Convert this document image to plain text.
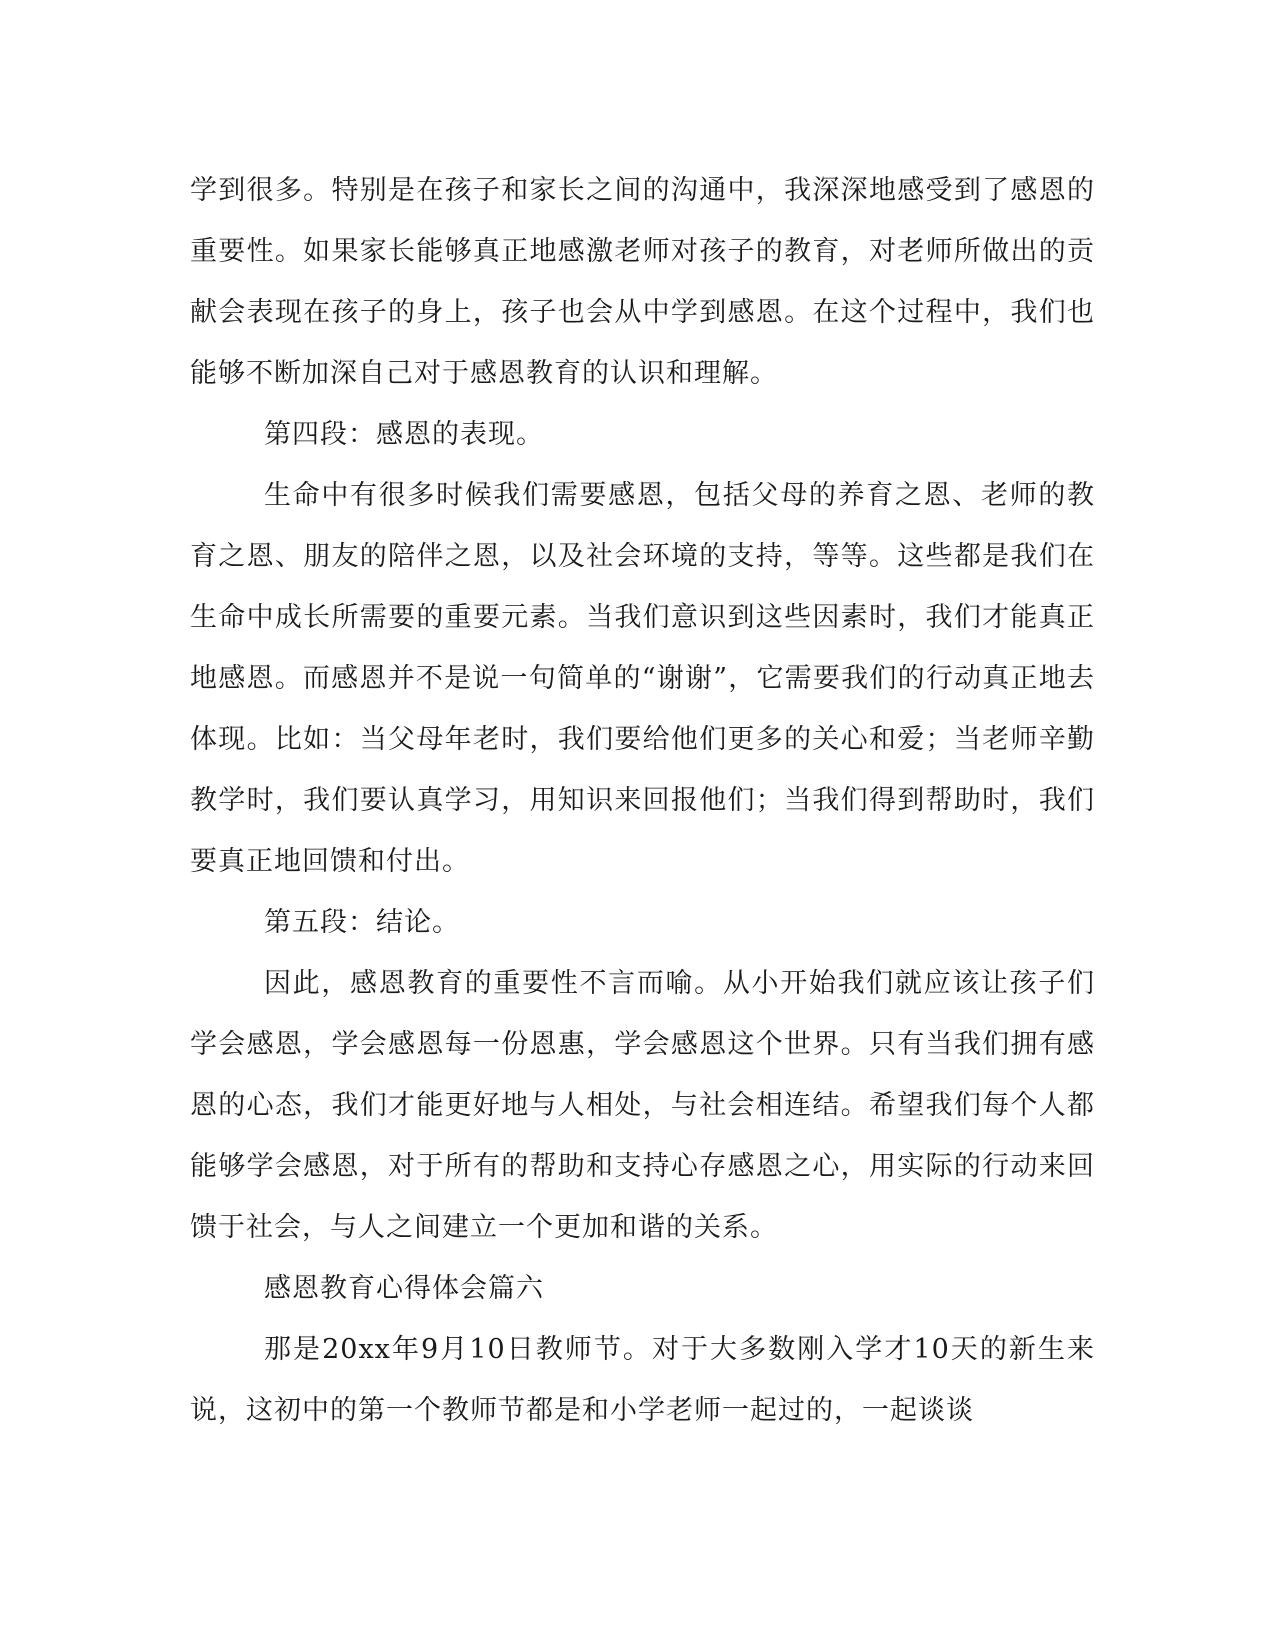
学到很多。特别是在孩子和家长之间的沟通中，我深深地感受到了感恩的重要性。如果家长能够真正地感激老师对孩子的教育，对老师所做出的贡献会表现在孩子的身上，孩子也会从中学到感恩。在这个过程中，我们也能够不断加深自己对于感恩教育的认识和理解。

第四段：感恩的表现。

生命中有很多时候我们需要感恩，包括父母的养育之恩、老师的教育之恩、朋友的陪伴之恩，以及社会环境的支持，等等。这些都是我们在生命中成长所需要的重要元素。当我们意识到这些因素时，我们才能真正地感恩。而感恩并不是说一句简单的“谢谢”，它需要我们的行动真正地去体现。比如：当父母年老时，我们要给他们更多的关心和爱；当老师辛勤教学时，我们要认真学习，用知识来回报他们；当我们得到帮助时，我们要真正地回馈和付出。

第五段：结论。

因此，感恩教育的重要性不言而喻。从小开始我们就应该让孩子们学会感恩，学会感恩每一份恩惠，学会感恩这个世界。只有当我们拥有感恩的心态，我们才能更好地与人相处，与社会相连结。希望我们每个人都能够学会感恩，对于所有的帮助和支持心存感恩之心，用实际的行动来回馈于社会，与人之间建立一个更加和谐的关系。

感恩教育心得体会篇六

那是20xx年9月10日教师节。对于大多数刚入学才10天的新生来说，这初中的第一个教师节都是和小学老师一起过的，一起谈谈
